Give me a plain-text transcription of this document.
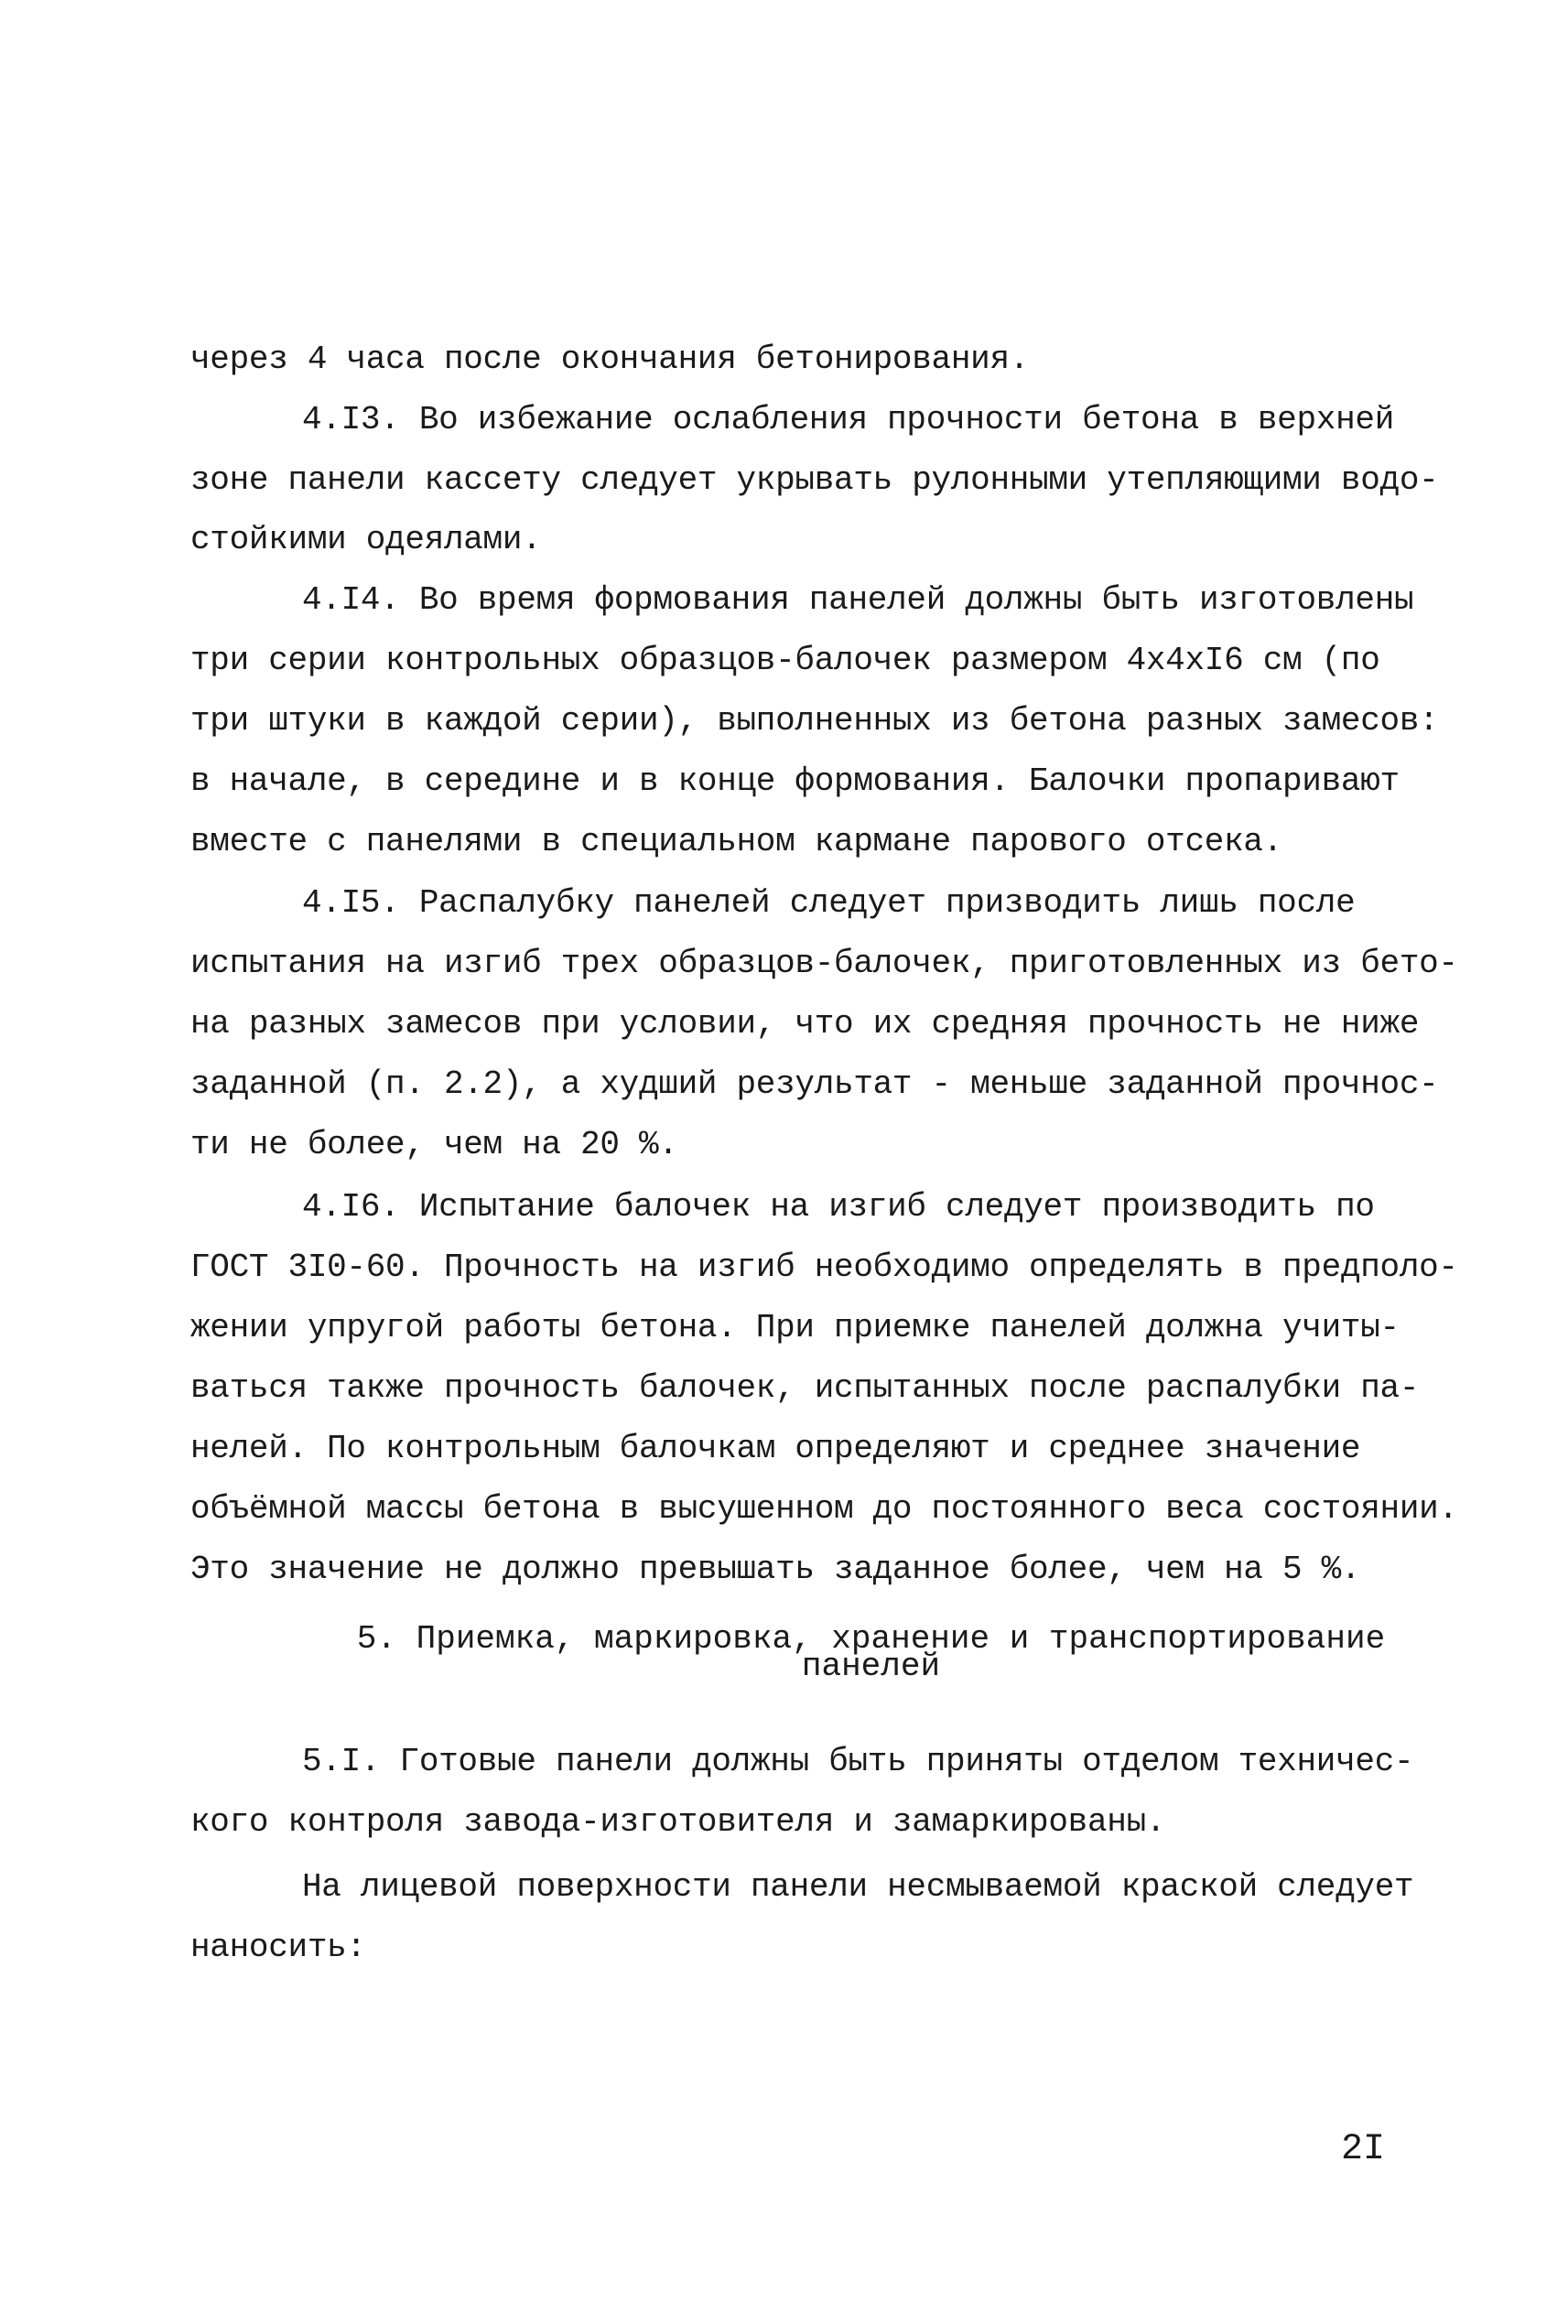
через 4 часа после окончания бетонирования.
4.I3. Во избежание ослабления прочности бетона в верхней
зоне панели кассету следует укрывать рулонными утепляющими водо-
стойкими одеялами.
4.I4. Во время формования панелей должны быть изготовлены
три серии контрольных образцов-балочек размером 4х4хI6 см (по
три штуки в каждой серии), выполненных из бетона разных замесов:
в начале, в середине и в конце формования. Балочки пропаривают
вместе с панелями в специальном кармане парового отсека.
4.I5. Распалубку панелей следует призводить лишь после
испытания на изгиб трех образцов-балочек, приготовленных из бето-
на разных замесов при условии, что их средняя прочность не ниже
заданной (п. 2.2), а худший результат - меньше заданной прочнос-
ти не более, чем на 20 %.
4.I6. Испытание балочек на изгиб следует производить по
ГОСТ 3I0-60. Прочность на изгиб необходимо определять в предполо-
жении упругой работы бетона. При приемке панелей должна учиты-
ваться также прочность балочек, испытанных после распалубки па-
нелей. По контрольным балочкам определяют и среднее значение
объёмной массы бетона в высушенном до постоянного веса состоянии.
Это значение не должно превышать заданное более, чем на 5 %.
5. Приемка, маркировка, хранение и транспортирование
панелей
5.I. Готовые панели должны быть приняты отделом техничес-
кого контроля завода-изготовителя и замаркированы.
На лицевой поверхности панели несмываемой краской следует
наносить:
2I
